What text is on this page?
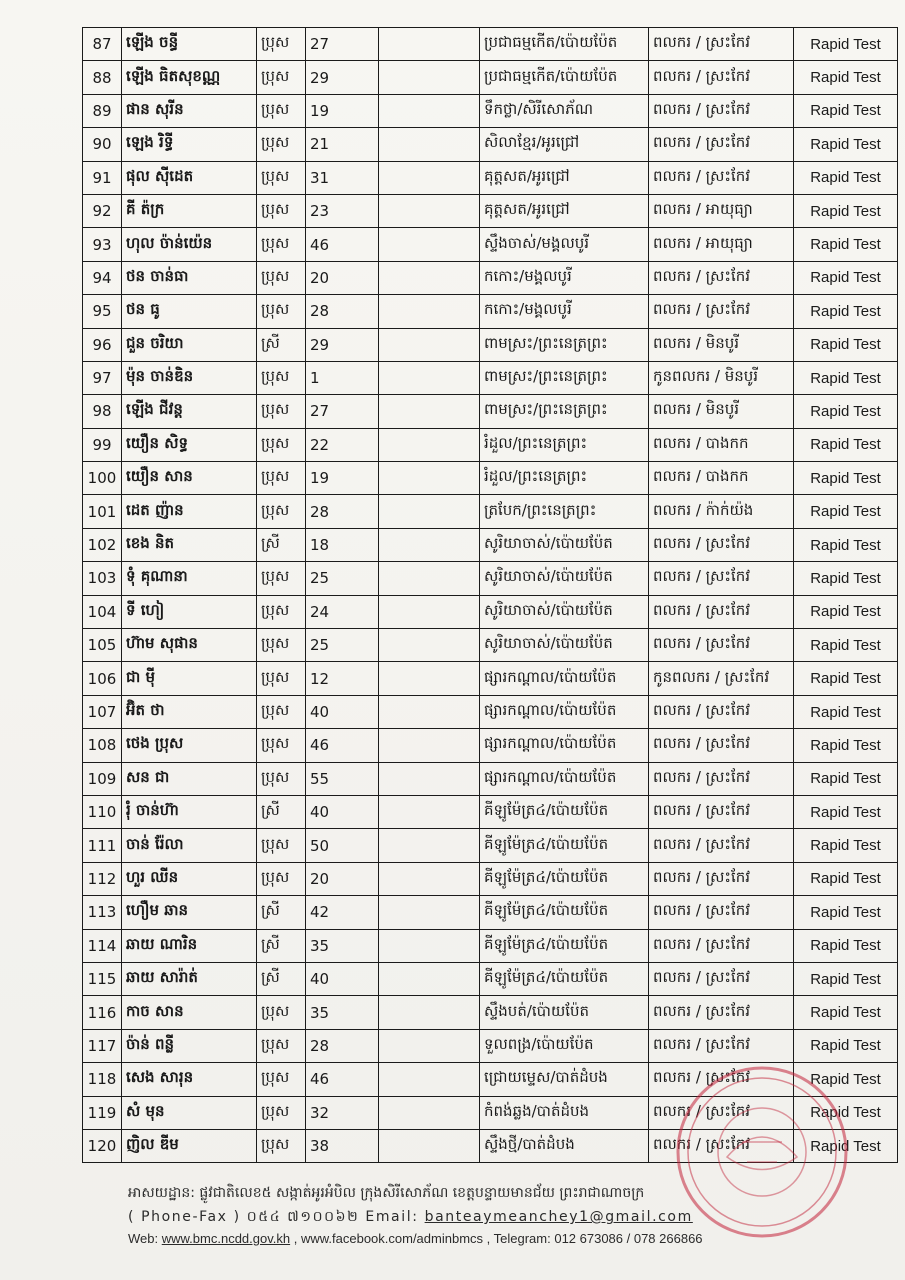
87	ឡើង ចន្ធី	ប្រុស	27		ប្រជាធម្មកើត/ប៉ោយប៉ែត	ពលករ / ស្រះកែវ	Rapid Test
88	ឡើង ធិតសុខណ្ណ	ប្រុស	29		ប្រជាធម្មកើត/ប៉ោយប៉ែត	ពលករ / ស្រះកែវ	Rapid Test
89	ផាន សុរីន	ប្រុស	19		ទឹកថ្លា/សិរីសោភ័ណ	ពលករ / ស្រះកែវ	Rapid Test
90	ឡេង រិទ្ធី	ប្រុស	21		សិលាខ្មែរ/អូរជ្រៅ	ពលករ / ស្រះកែវ	Rapid Test
91	ផុល ស៊ីដេត	ប្រុស	31		គុត្តសត/អូរជ្រៅ	ពលករ / ស្រះកែវ	Rapid Test
92	គី ត៉ក្រ	ប្រុស	23		គុត្តសត/អូរជ្រៅ	ពលករ / អាយុធ្យា	Rapid Test
93	ហុល ច៉ាន់យ៉េន	ប្រុស	46		ស្ទឹងចាស់/មង្គលបូរី	ពលករ / អាយុធ្យា	Rapid Test
94	ថន ចាន់ធា	ប្រុស	20		កកោះ/មង្គលបូរី	ពលករ / ស្រះកែវ	Rapid Test
95	ថន ធូ	ប្រុស	28		កកោះ/មង្គលបូរី	ពលករ / ស្រះកែវ	Rapid Test
96	ជួន ចរិយា	ស្រី	29		ពាមស្រះ/ព្រះនេត្រព្រះ	ពលករ / មិនបូរី	Rapid Test
97	ម៉ុន ចាន់ឌិន	ប្រុស	1		ពាមស្រះ/ព្រះនេត្រព្រះ	កូនពលករ / មិនបូរី	Rapid Test
98	ឡើង ជីវន្ត	ប្រុស	27		ពាមស្រះ/ព្រះនេត្រព្រះ	ពលករ / មិនបូរី	Rapid Test
99	យឿន សិទ្ធ	ប្រុស	22		រំដួល/ព្រះនេត្រព្រះ	ពលករ / បាងកក	Rapid Test
100	យឿន សាន	ប្រុស	19		រំដួល/ព្រះនេត្រព្រះ	ពលករ / បាងកក	Rapid Test
101	ដេត ញ៉ាន	ប្រុស	28		ត្របែក/ព្រះនេត្រព្រះ	ពលករ / ក៉ាក់យ៉ង	Rapid Test
102	ខេង និត	ស្រី	18		សូរិយាចាស់/ប៉ោយប៉ែត	ពលករ / ស្រះកែវ	Rapid Test
103	ទុំ គុណានា	ប្រុស	25		សូរិយាចាស់/ប៉ោយប៉ែត	ពលករ / ស្រះកែវ	Rapid Test
104	ទី ហៀ	ប្រុស	24		សូរិយាចាស់/ប៉ោយប៉ែត	ពលករ / ស្រះកែវ	Rapid Test
105	ហ៊ាម សុផាន	ប្រុស	25		សូរិយាចាស់/ប៉ោយប៉ែត	ពលករ / ស្រះកែវ	Rapid Test
106	ជា ម៉ី	ប្រុស	12		ផ្សារកណ្តាល/ប៉ោយប៉ែត	កូនពលករ / ស្រះកែវ	Rapid Test
107	អ៊ិត ថា	ប្រុស	40		ផ្សារកណ្តាល/ប៉ោយប៉ែត	ពលករ / ស្រះកែវ	Rapid Test
108	ថេង ប្រុស	ប្រុស	46		ផ្សារកណ្តាល/ប៉ោយប៉ែត	ពលករ / ស្រះកែវ	Rapid Test
109	សន ជា	ប្រុស	55		ផ្សារកណ្តាល/ប៉ោយប៉ែត	ពលករ / ស្រះកែវ	Rapid Test
110	រុំ ចាន់ហ៊ា	ស្រី	40		គីឡូម៉ែត្រ៤/ប៉ោយប៉ែត	ពលករ / ស្រះកែវ	Rapid Test
111	ចាន់ រ៉ែលា	ប្រុស	50		គីឡូម៉ែត្រ៤/ប៉ោយប៉ែត	ពលករ / ស្រះកែវ	Rapid Test
112	ហួរ ឈីន	ប្រុស	20		គីឡូម៉ែត្រ៤/ប៉ោយប៉ែត	ពលករ / ស្រះកែវ	Rapid Test
113	ហឿម ឆាន	ស្រី	42		គីឡូម៉ែត្រ៤/ប៉ោយប៉ែត	ពលករ / ស្រះកែវ	Rapid Test
114	ឆាយ ណារិន	ស្រី	35		គីឡូម៉ែត្រ៤/ប៉ោយប៉ែត	ពលករ / ស្រះកែវ	Rapid Test
115	ឆាយ សារ៉ាត់	ស្រី	40		គីឡូម៉ែត្រ៤/ប៉ោយប៉ែត	ពលករ / ស្រះកែវ	Rapid Test
116	កាច សាន	ប្រុស	35		ស្ទឹងបត់/ប៉ោយប៉ែត	ពលករ / ស្រះកែវ	Rapid Test
117	ច៉ាន់ ពន្លី	ប្រុស	28		ទួលពង្រ/ប៉ោយប៉ែត	ពលករ / ស្រះកែវ	Rapid Test
118	សេង សារុន	ប្រុស	46		ជ្រោយម្ទេស/បាត់ដំបង	ពលករ / ស្រះកែវ	Rapid Test
119	សំ មុន	ប្រុស	32		កំពង់ឆ្លង/បាត់ដំបង	ពលករ / ស្រះកែវ	Rapid Test
120	ញិល ឌីម	ប្រុស	38		ស្ទឹងថ្មី/បាត់ដំបង	ពលករ / ស្រះកែវ	Rapid Test
អាសយដ្ឋាន: ផ្លូវជាតិលេខ៥ សង្កាត់អូរអំបិល ក្រុងសិរីសោភ័ណ ខេត្តបន្ទាយមានជ័យ ព្រះរាជាណាចក្រ
( Phone-Fax ) ០៥៤ ៧១០០៦២ Email: banteaymeanchey1@gmail.com
Web: www.bmc.ncdd.gov.kh , www.facebook.com/adminbmcs , Telegram: 012 673086 / 078 266866
